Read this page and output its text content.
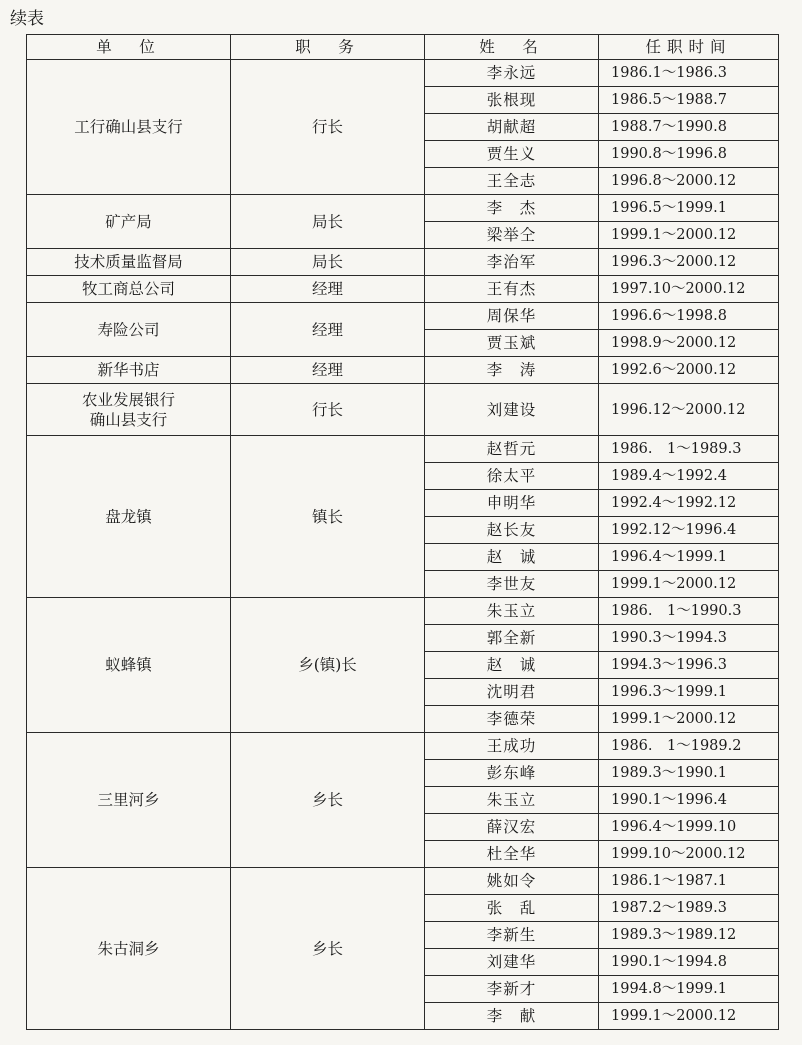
续表
单　位	职　务	姓　名	任职时间
工行确山县支行	行长	李永远	1986.1～1986.3
		张根现	1986.5～1988.7
		胡献超	1988.7～1990.8
		贾生义	1990.8～1996.8
		王全志	1996.8～2000.12
矿产局	局长	李　杰	1996.5～1999.1
		梁举仝	1999.1～2000.12
技术质量监督局	局长	李治军	1996.3～2000.12
牧工商总公司	经理	王有杰	1997.10～2000.12
寿险公司	经理	周保华	1996.6～1998.8
		贾玉斌	1998.9～2000.12
新华书店	经理	李　涛	1992.6～2000.12

农业发展银行
确山县支行	行长	刘建设	1996.12～2000.12
盘龙镇	镇长	赵哲元	1986.　1～1989.3
		徐太平	1989.4～1992.4
		申明华	1992.4～1992.12
		赵长友	1992.12～1996.4
		赵　诚	1996.4～1999.1
		李世友	1999.1～2000.12
蚁蜂镇	乡(镇)长	朱玉立	1986.　1～1990.3
		郭全新	1990.3～1994.3
		赵　诚	1994.3～1996.3
		沈明君	1996.3～1999.1
		李德荣	1999.1～2000.12
三里河乡	乡长	王成功	1986.　1～1989.2
		彭东峰	1989.3～1990.1
		朱玉立	1990.1～1996.4
		薛汉宏	1996.4～1999.10
		杜全华	1999.10～2000.12
朱古洞乡	乡长	姚如令	1986.1～1987.1
		张　乱	1987.2～1989.3
		李新生	1989.3～1989.12
		刘建华	1990.1～1994.8
		李新才	1994.8～1999.1
		李　献	1999.1～2000.12
